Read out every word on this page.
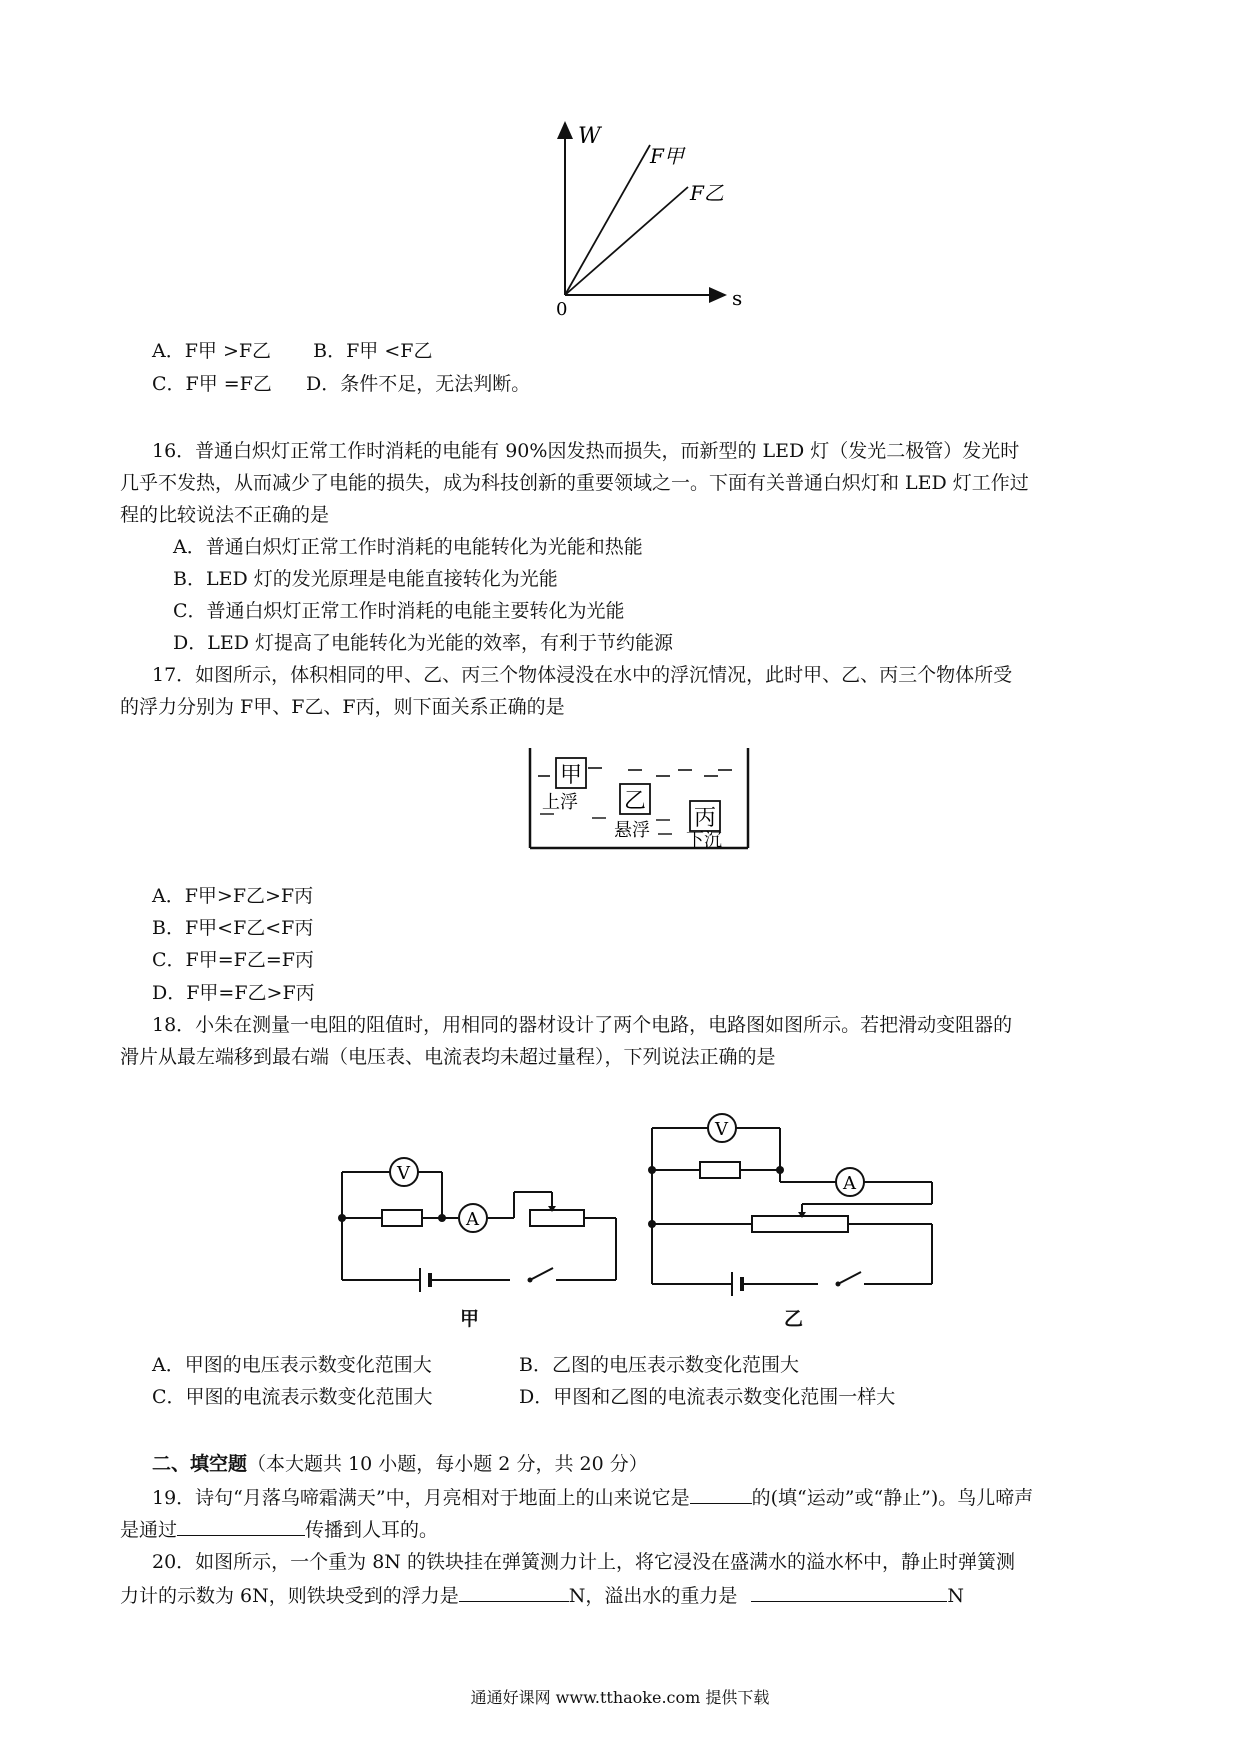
W
s
0
F甲
F乙
A．F甲 >F乙 B．F甲 <F乙
C．F甲 =F乙 D．条件不足，无法判断。
16．普通白炽灯正常工作时消耗的电能有 90%因发热而损失，而新型的 LED 灯（发光二极管）发光时
几乎不发热，从而减少了电能的损失，成为科技创新的重要领域之一。下面有关普通白炽灯和 LED 灯工作过
程的比较说法不正确的是
A．普通白炽灯正常工作时消耗的电能转化为光能和热能
B．LED 灯的发光原理是电能直接转化为光能
C．普通白炽灯正常工作时消耗的电能主要转化为光能
D．LED 灯提高了电能转化为光能的效率，有利于节约能源
17．如图所示，体积相同的甲、乙、丙三个物体浸没在水中的浮沉情况，此时甲、乙、丙三个物体所受
的浮力分别为 F甲、F乙、F丙，则下面关系正确的是
甲
乙
丙
上浮
悬浮 下沉
A．F甲>F乙>F丙
B．F甲<F乙<F丙
C．F甲=F乙=F丙
D．F甲=F乙>F丙
18．小朱在测量一电阻的阻值时，用相同的器材设计了两个电路，电路图如图所示。若把滑动变阻器的
滑片从最左端移到最右端（电压表、电流表均未超过量程），下列说法正确的是
V
A
V
A
甲	乙
A．甲图的电压表示数变化范围大	B．乙图的电压表示数变化范围大
C．甲图的电流表示数变化范围大	D．甲图和乙图的电流表示数变化范围一样大
二、填空题（本大题共 10 小题，每小题 2 分，共 20 分）
19．诗句“月落乌啼霜满天”中，月亮相对于地面上的山来说它是	的(填“运动”或“静止”)。鸟儿啼声
是通过	传播到人耳的。
20．如图所示，一个重为 8N 的铁块挂在弹簧测力计上，将它浸没在盛满水的溢水杯中，静止时弹簧测
力计的示数为 6N，则铁块受到的浮力是	N，溢出水的重力是	N
通通好课网 www.tthaoke.com 提供下载
